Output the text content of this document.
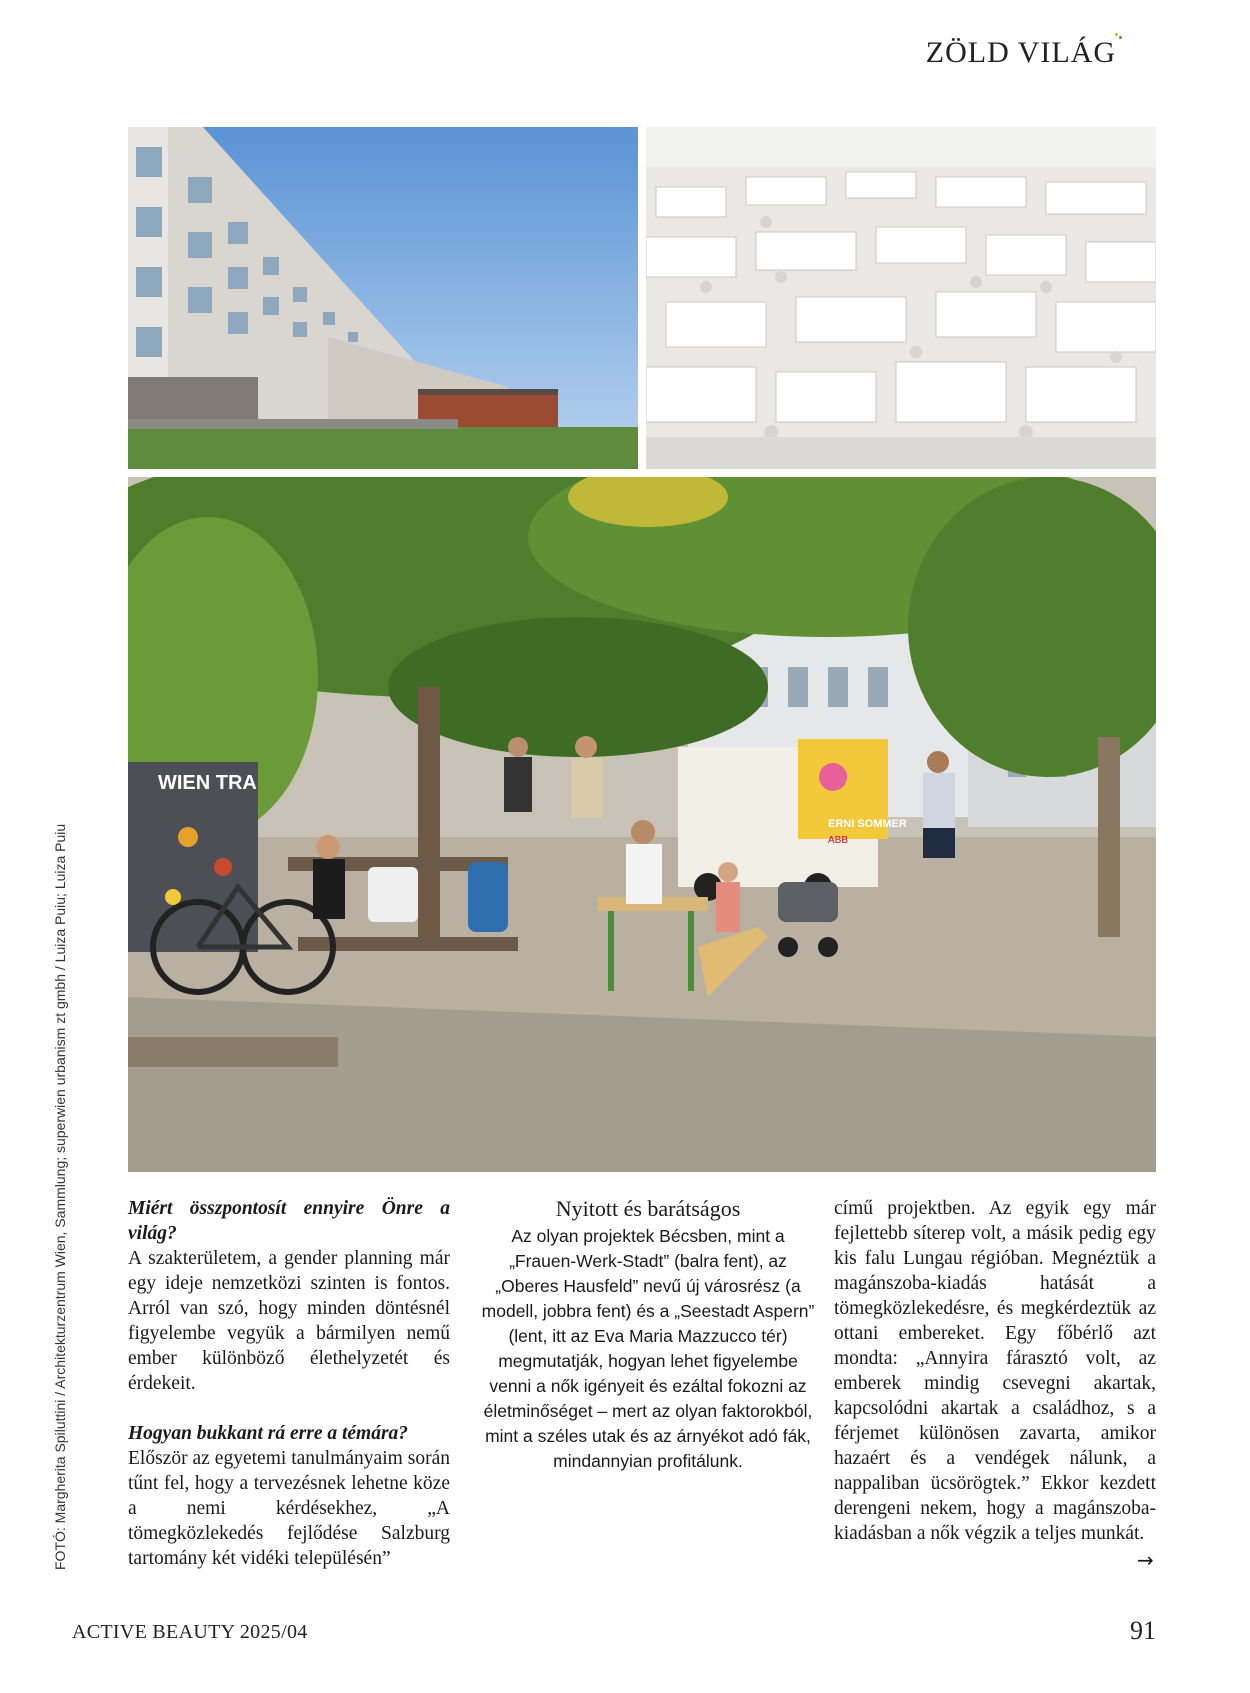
ZÖLD VILÁG
WIEN TRA
ERNI SOMMER
ABB
FOTÓ: Margherita Spiluttini / Architekturzentrum Wien, Sammlung; superwien urbanism zt gmbh / Luiza Puiu; Luiza Puiu	Miért összpontosít ennyire Önre a világ?
A szakterületem, a gender planning már egy ideje nemzetközi szinten is fontos. Arról van szó, hogy minden döntésnél figyelembe vegyük a bármilyen nemű ember különböző élethelyzetét és érdekeit.
Hogyan bukkant rá erre a témára?
Először az egyetemi tanulmányaim során tűnt fel, hogy a tervezésnek lehetne köze a nemi kérdésekhez, „A tömegközlekedés fejlődése Salzburg tartomány két vidéki településén”
Nyitott és barátságos
Az olyan projektek Bécsben, mint a „Frauen-Werk-Stadt” (balra fent), az „Oberes Hausfeld” nevű új városrész (a modell, jobbra fent) és a „Seestadt Aspern” (lent, itt az Eva Maria Mazzucco tér) megmutatják, hogyan lehet figyelembe venni a nők igényeit és ezáltal fokozni az életminőséget – mert az olyan faktorokból, mint a széles utak és az árnyékot adó fák, mindannyian profitálunk.
című projektben. Az egyik egy már fejlettebb síterep volt, a másik pedig egy kis falu Lungau régióban. Megnéztük a magánszoba-kiadás hatását a tömegközlekedésre, és megkérdeztük az ottani embereket. Egy főbérlő azt mondta: „Annyira fárasztó volt, az emberek mindig csevegni akartak, kapcsolódni akartak a családhoz, s a férjemet különösen zavarta, amikor hazaért és a vendégek nálunk, a nappaliban ücsörögtek.” Ekkor kezdett derengeni nekem, hogy a magánszoba-kiadásban a nők végzik a teljes munkát.
→
ACTIVE BEAUTY 2025/04	91
